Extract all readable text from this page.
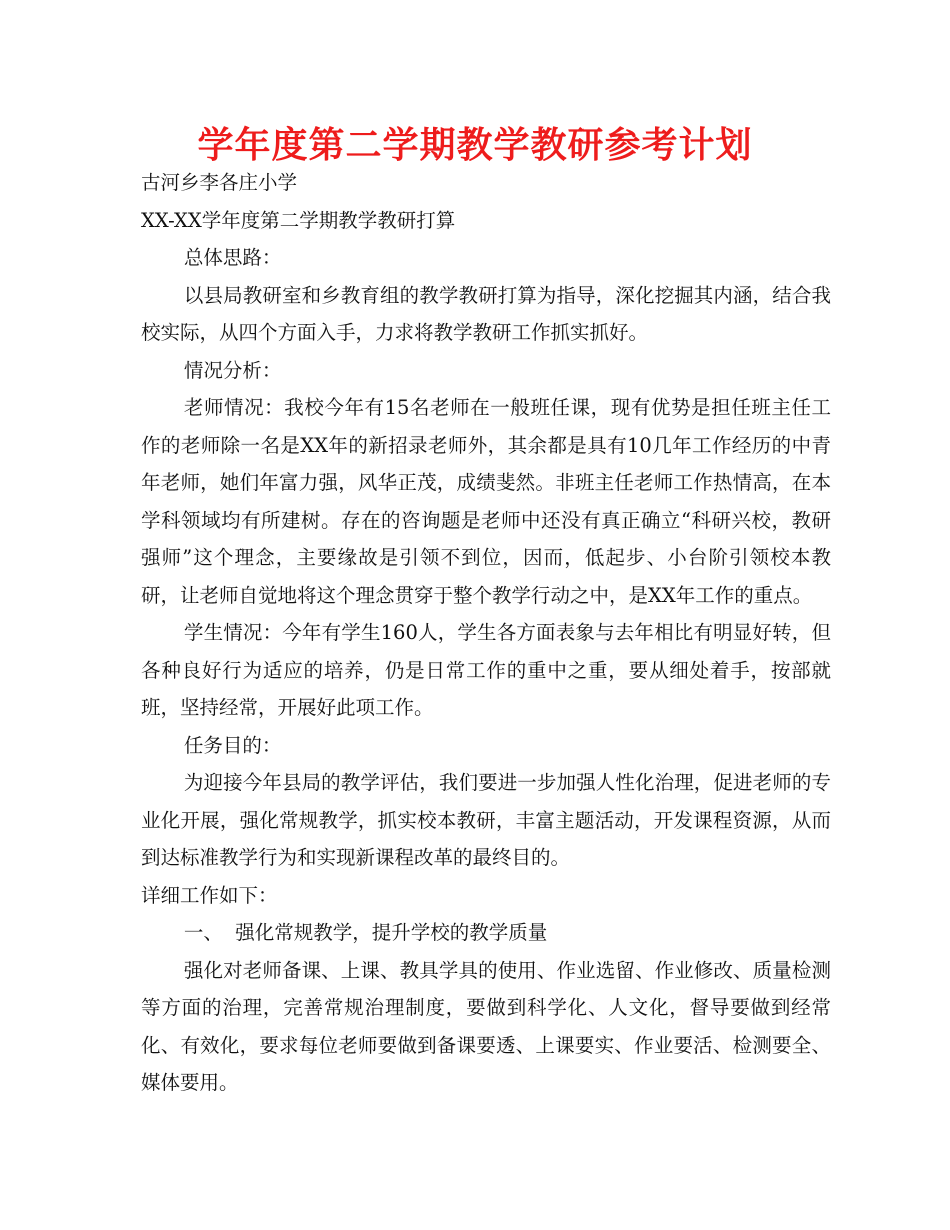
学年度第二学期教学教研参考计划

古河乡李各庄小学

XX-XX学年度第二学期教学教研打算

总体思路：

以县局教研室和乡教育组的教学教研打算为指导，深化挖掘其内涵，结合我校实际，从四个方面入手，力求将教学教研工作抓实抓好。

情况分析：

老师情况：我校今年有15名老师在一般班任课，现有优势是担任班主任工作的老师除一名是XX年的新招录老师外，其余都是具有10几年工作经历的中青年老师，她们年富力强，风华正茂，成绩斐然。非班主任老师工作热情高，在本学科领域均有所建树。存在的咨询题是老师中还没有真正确立“科研兴校，教研强师”这个理念，主要缘故是引领不到位，因而，低起步、小台阶引领校本教研，让老师自觉地将这个理念贯穿于整个教学行动之中，是XX年工作的重点。

学生情况：今年有学生160人，学生各方面表象与去年相比有明显好转，但各种良好行为适应的培养，仍是日常工作的重中之重，要从细处着手，按部就班，坚持经常，开展好此项工作。

任务目的：

为迎接今年县局的教学评估，我们要进一步加强人性化治理，促进老师的专业化开展，强化常规教学，抓实校本教研，丰富主题活动，开发课程资源，从而到达标准教学行为和实现新课程改革的最终目的。

详细工作如下：

一、  强化常规教学，提升学校的教学质量

强化对老师备课、上课、教具学具的使用、作业选留、作业修改、质量检测等方面的治理，完善常规治理制度，要做到科学化、人文化，督导要做到经常化、有效化，要求每位老师要做到备课要透、上课要实、作业要活、检测要全、媒体要用。
